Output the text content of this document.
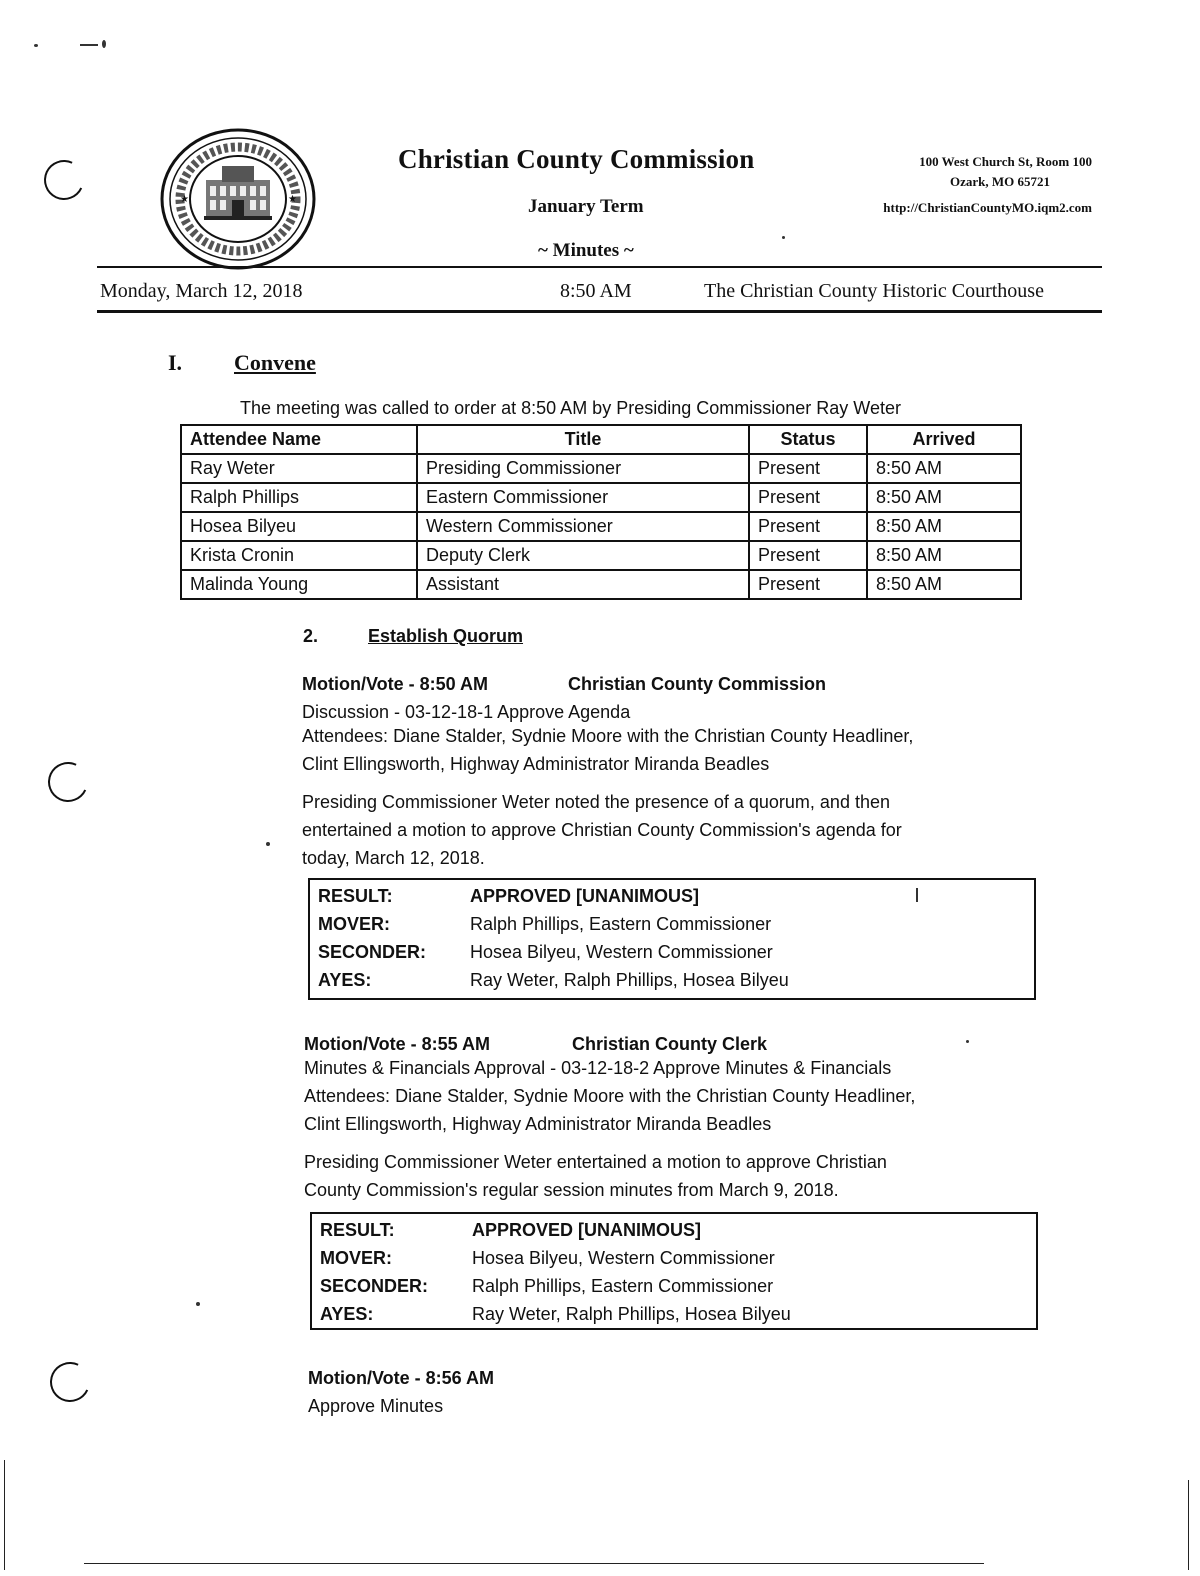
★	★
Christian County Commission
January Term
~ Minutes ~
100 West Church St, Room 100
Ozark, MO 65721
http://ChristianCountyMO.iqm2.com
Monday, March 12, 2018	8:50 AM	The Christian County Historic Courthouse
I. Convene
The meeting was called to order at 8:50 AM by Presiding Commissioner Ray Weter
Attendee Name	Title	Status	Arrived
Ray Weter	Presiding Commissioner	Present	8:50 AM
Ralph Phillips	Eastern Commissioner	Present	8:50 AM
Hosea Bilyeu	Western Commissioner	Present	8:50 AM
Krista Cronin	Deputy Clerk	Present	8:50 AM
Malinda Young	Assistant	Present	8:50 AM
2.	Establish Quorum
Motion/Vote - 8:50 AM	Christian County Commission
Discussion - 03-12-18-1 Approve Agenda
Attendees: Diane Stalder, Sydnie Moore with the Christian County Headliner,
Clint Ellingsworth, Highway Administrator Miranda Beadles
Presiding Commissioner Weter noted the presence of a quorum, and then
entertained a motion to approve Christian County Commission's agenda for
today, March 12, 2018.
RESULT:	APPROVED [UNANIMOUS]
MOVER:	Ralph Phillips, Eastern Commissioner
SECONDER: Hosea Bilyeu, Western Commissioner
AYES:	Ray Weter, Ralph Phillips, Hosea Bilyeu
Motion/Vote - 8:55 AM	Christian County Clerk
Minutes & Financials Approval - 03-12-18-2 Approve Minutes & Financials
Attendees: Diane Stalder, Sydnie Moore with the Christian County Headliner,
Clint Ellingsworth, Highway Administrator Miranda Beadles
Presiding Commissioner Weter entertained a motion to approve Christian
County Commission's regular session minutes from March 9, 2018.
RESULT:	APPROVED [UNANIMOUS]
MOVER:	Hosea Bilyeu, Western Commissioner
SECONDER: Ralph Phillips, Eastern Commissioner
AYES:	Ray Weter, Ralph Phillips, Hosea Bilyeu
Motion/Vote - 8:56 AM
Approve Minutes
